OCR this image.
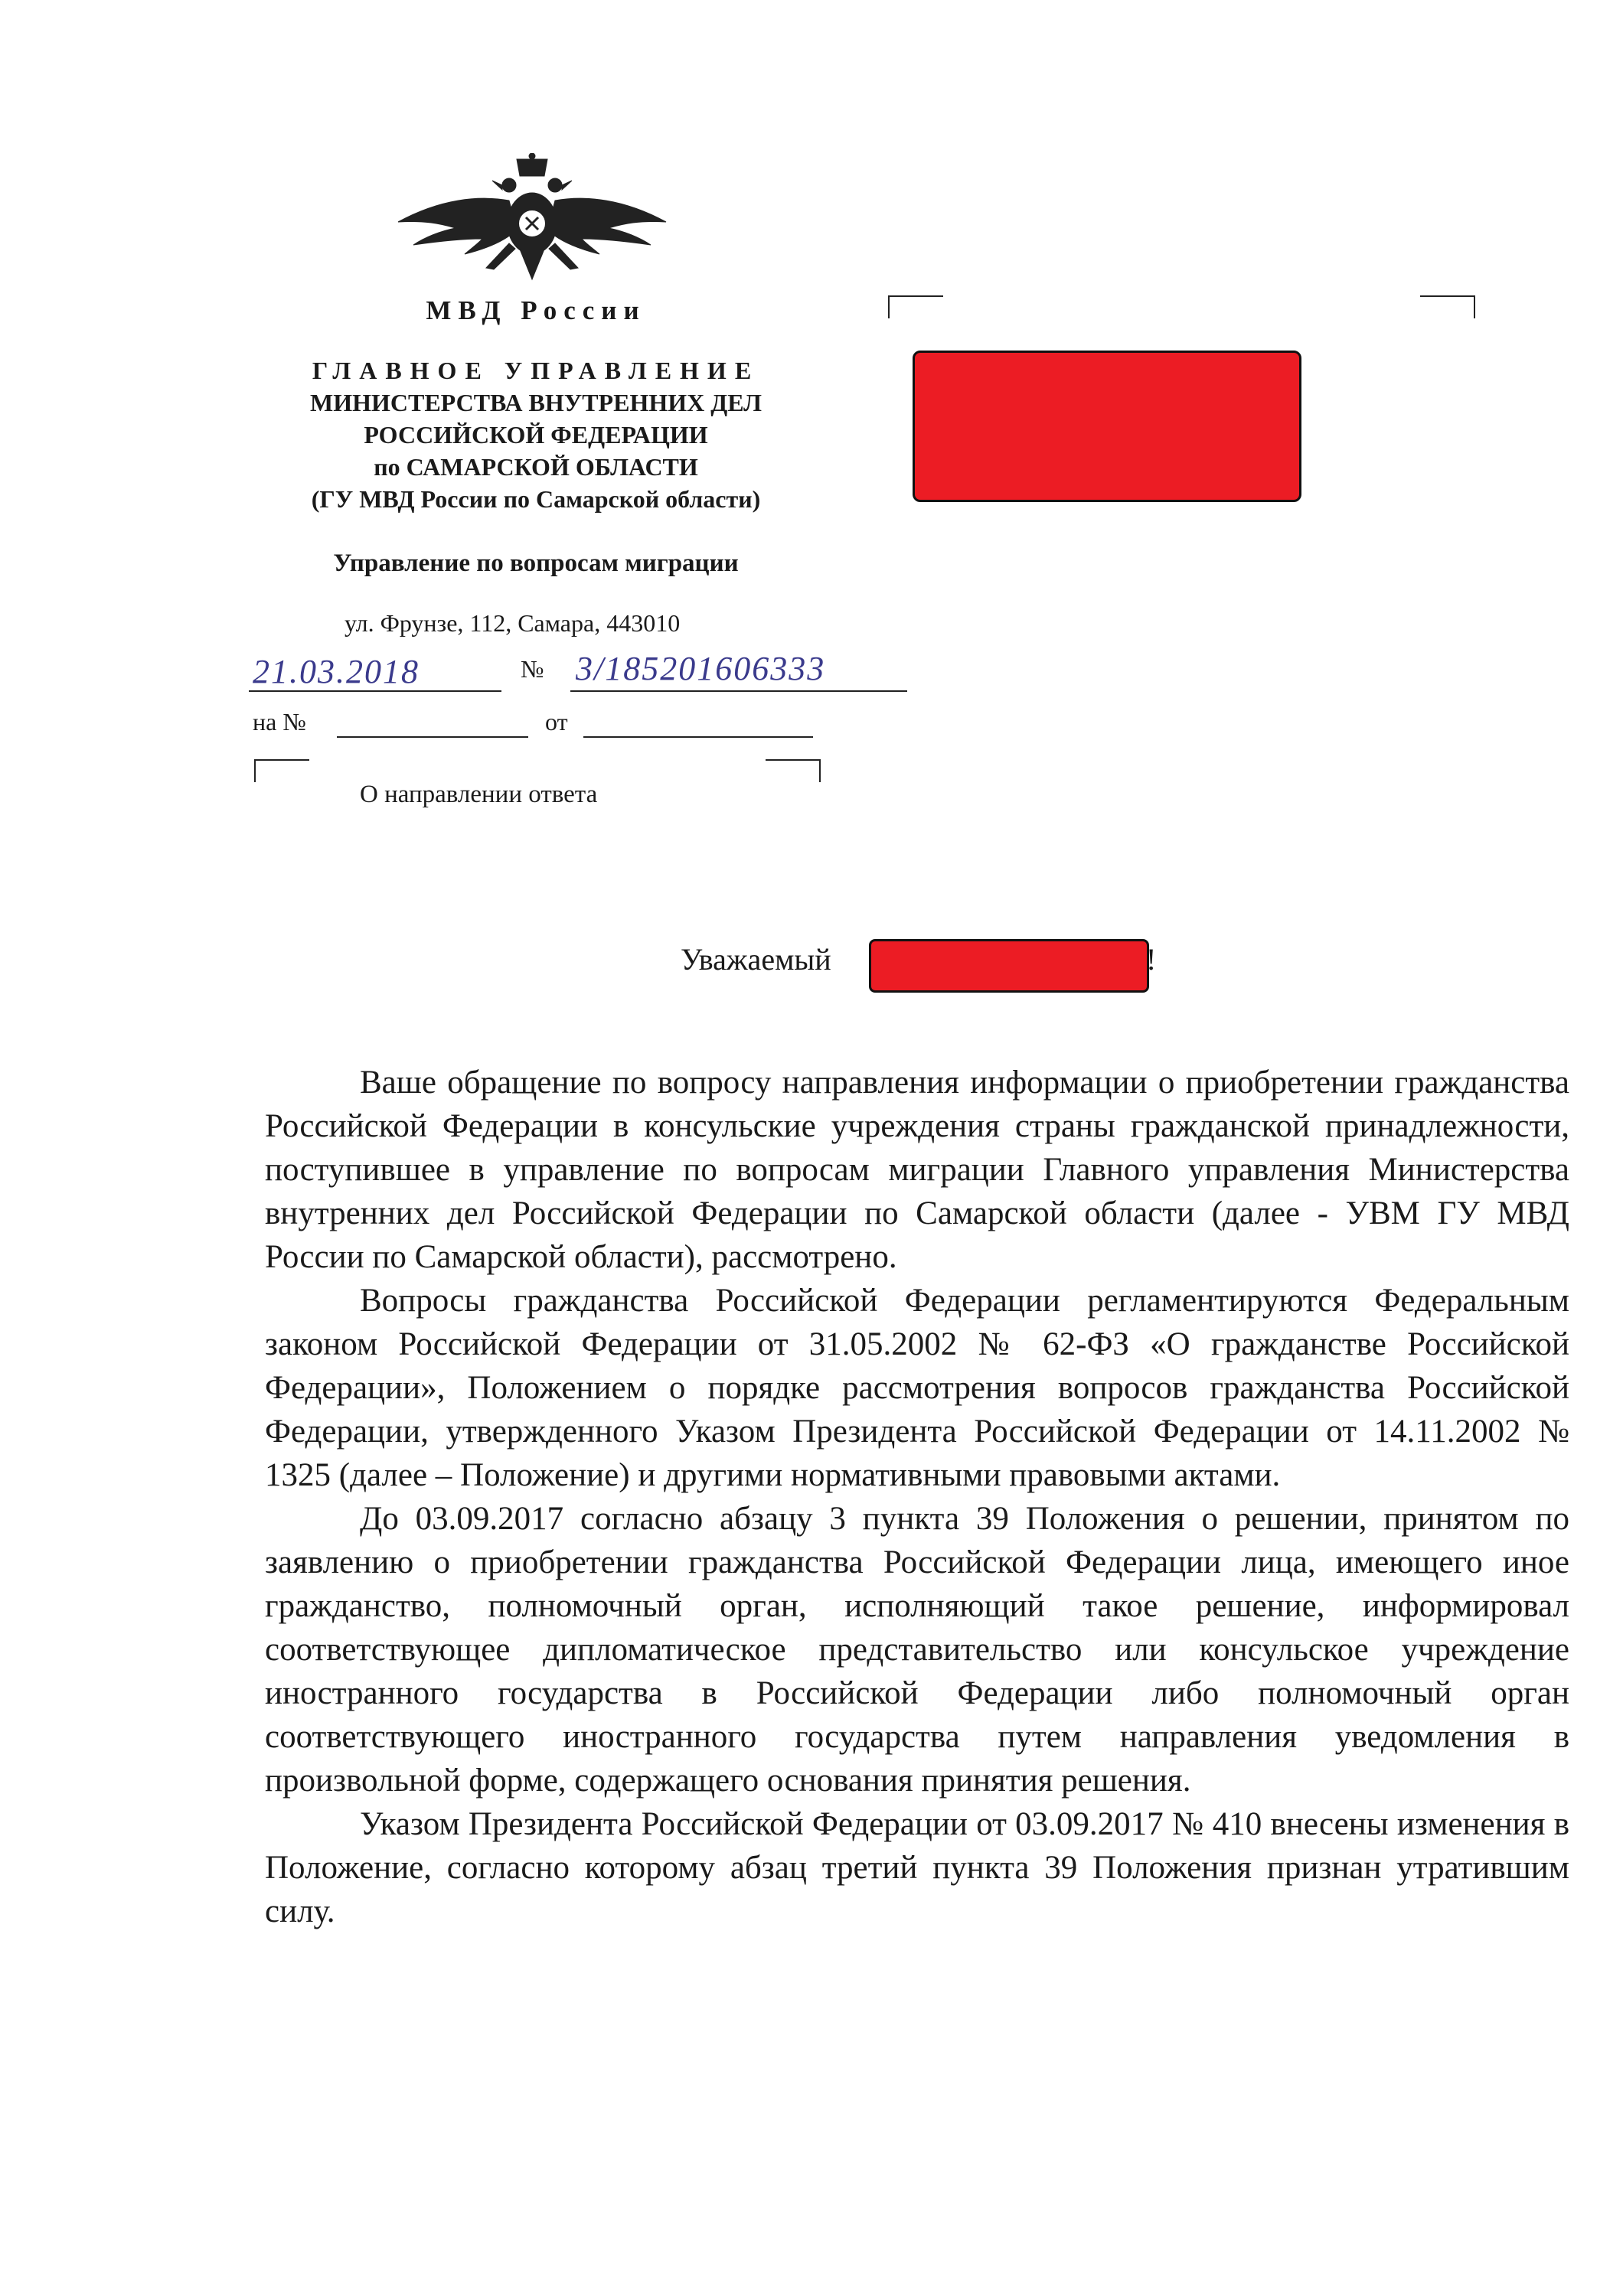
МВД России
ГЛАВНОЕ УПРАВЛЕНИЕ
МИНИСТЕРСТВА ВНУТРЕННИХ ДЕЛ
РОССИЙСКОЙ ФЕДЕРАЦИИ
по САМАРСКОЙ ОБЛАСТИ
(ГУ МВД России по Самарской области)
Управление по вопросам миграции
ул. Фрунзе, 112, Самара, 443010
21.03.2018	№ 3/185201606333
на №	от
О направлении ответа
Уважаемый	!

Ваше обращение по вопросу направления информации о приобретении гражданства Российской Федерации в консульские учреждения страны гражданской принадлежности, поступившее в управление по вопросам миграции Главного управления Министерства внутренних дел Российской Федерации по Самарской области (далее - УВМ ГУ МВД России по Самарской области), рассмотрено.

Вопросы гражданства Российской Федерации регламентируются Федеральным законом Российской Федерации от 31.05.2002 № 62-ФЗ «О гражданстве Российской Федерации», Положением о порядке рассмотрения вопросов гражданства Российской Федерации, утвержденного Указом Президента Российской Федерации от 14.11.2002 № 1325 (далее – Положение) и другими нормативными правовыми актами.

До 03.09.2017 согласно абзацу 3 пункта 39 Положения о решении, принятом по заявлению о приобретении гражданства Российской Федерации лица, имеющего иное гражданство, полномочный орган, исполняющий такое решение, информировал соответствующее дипломатическое представительство или консульское учреждение иностранного государства в Российской Федерации либо полномочный орган соответствующего иностранного государства путем направления уведомления в произвольной форме, содержащего основания принятия решения.

Указом Президента Российской Федерации от 03.09.2017 № 410 внесены изменения в Положение, согласно которому абзац третий пункта 39 Положения признан утратившим силу.
